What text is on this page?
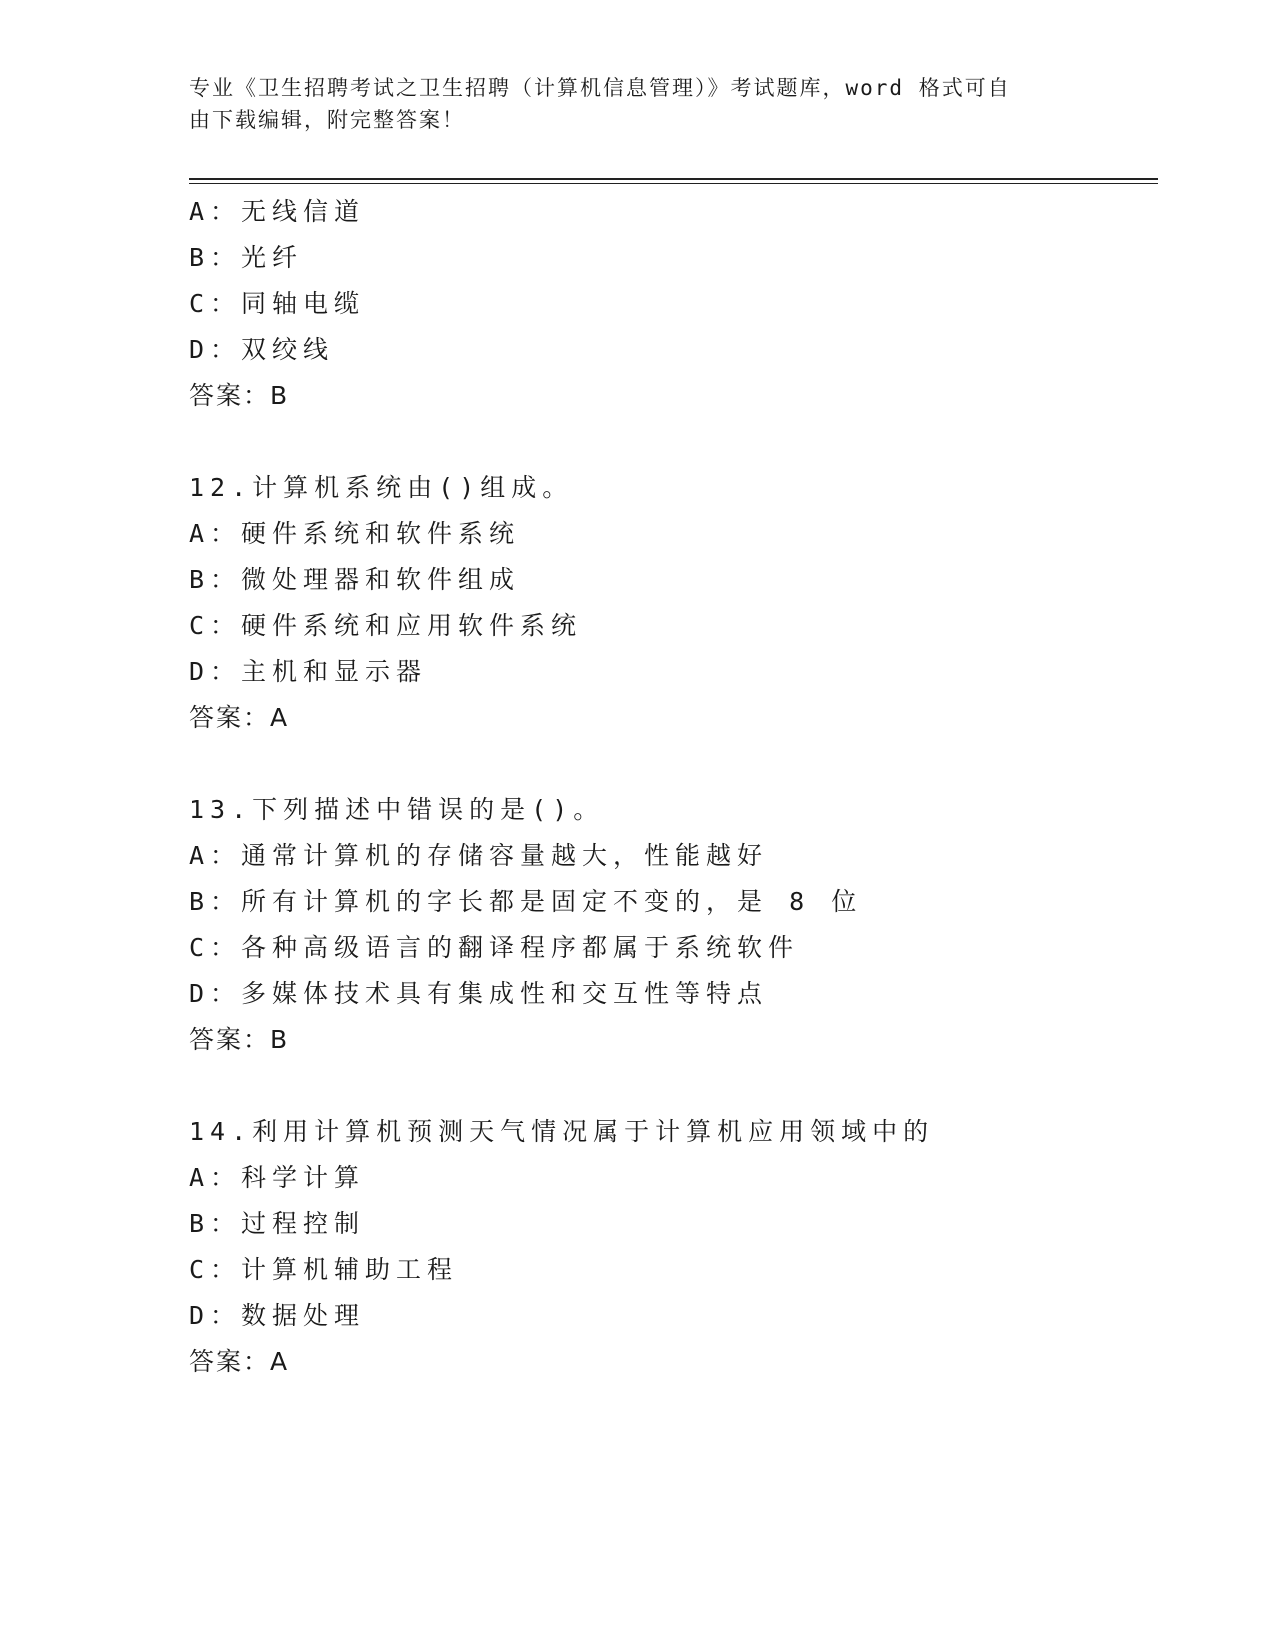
专业《卫生招聘考试之卫生招聘（计算机信息管理）》考试题库，word 格式可自
由下载编辑，附完整答案！
A：无线信道
B：光纤
C：同轴电缆
D：双绞线
答案：B
12.计算机系统由()组成。
A：硬件系统和软件系统
B：微处理器和软件组成
C：硬件系统和应用软件系统
D：主机和显示器
答案：A
13.下列描述中错误的是()。
A：通常计算机的存储容量越大，性能越好
B：所有计算机的字长都是固定不变的，是 8 位
C：各种高级语言的翻译程序都属于系统软件
D：多媒体技术具有集成性和交互性等特点
答案：B
14.利用计算机预测天气情况属于计算机应用领域中的
A：科学计算
B：过程控制
C：计算机辅助工程
D：数据处理
答案：A
